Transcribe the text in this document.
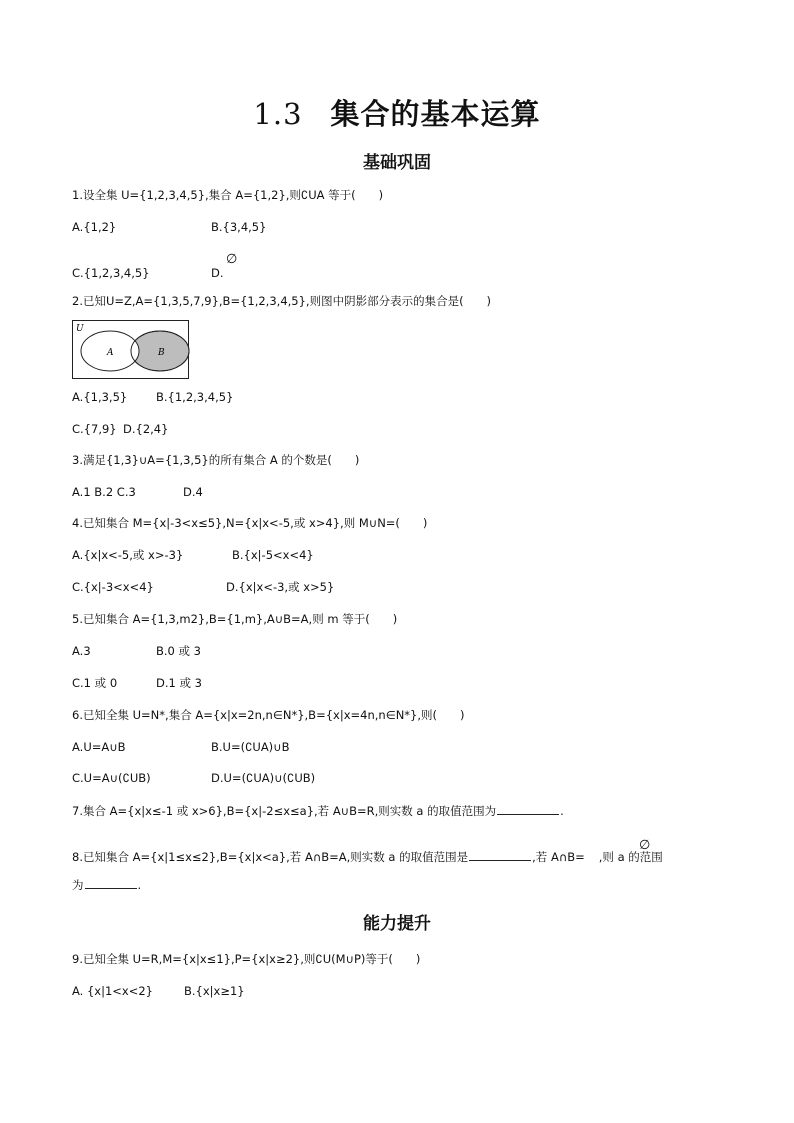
1.3 集合的基本运算
基础巩固
1.设全集 U={1,2,3,4,5},集合 A={1,2},则∁UA 等于(　　)
A.{1,2}	B.{3,4,5}
C.{1,2,3,4,5}	D.
∅
2.已知U=Z,A={1,3,5,7,9},B={1,2,3,4,5},则图中阴影部分表示的集合是(　　)
U
A	B
A.{1,3,5}	B.{1,2,3,4,5}
C.{7,9} D.{2,4}
3.满足{1,3}∪A={1,3,5}的所有集合 A 的个数是(　　)
A.1 B.2 C.3	D.4
4.已知集合 M={x|-3<x≤5},N={x|x<-5,或 x>4},则 M∪N=(　　)
A.{x|x<-5,或 x>-3}	B.{x|-5<x<4}
C.{x|-3<x<4}	D.{x|x<-3,或 x>5}
5.已知集合 A={1,3,m2},B={1,m},A∪B=A,则 m 等于(　　)
A.3	B.0 或 3
C.1 或 0	D.1 或 3
6.已知全集 U=N*,集合 A={x|x=2n,n∈N*},B={x|x=4n,n∈N*},则(　　)
A.U=A∪B	B.U=(∁UA)∪B
C.U=A∪(∁UB)	D.U=(∁UA)∪(∁UB)
7.集合 A={x|x≤-1 或 x>6},B={x|-2≤x≤a},若 A∪B=R,则实数 a 的取值范围为	.
8.已知集合 A={x|1≤x≤2},B={x|x<a},若 A∩B=A,则实数 a 的取值范围是	,若 A∩B= ,则 a 的范围
∅
为	.
能力提升
9.已知全集 U=R,M={x|x≤1},P={x|x≥2},则∁U(M∪P)等于(　　)
A. {x|1<x<2}	B.{x|x≥1}
